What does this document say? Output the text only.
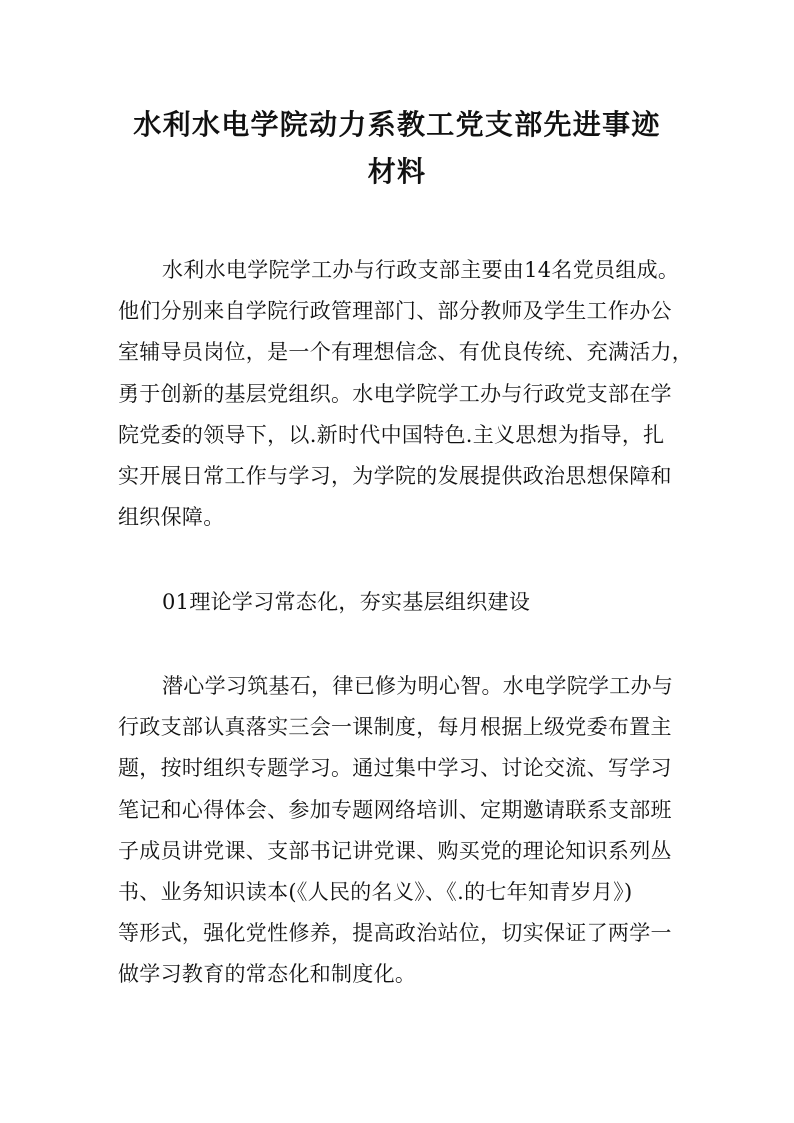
水利水电学院动力系教工党支部先进事迹
材料
水利水电学院学工办与行政支部主要由14名党员组成。
他们分别来自学院行政管理部门、部分教师及学生工作办公
室辅导员岗位，是一个有理想信念、有优良传统、充满活力，
勇于创新的基层党组织。水电学院学工办与行政党支部在学
院党委的领导下，以.新时代中国特色.主义思想为指导，扎
实开展日常工作与学习，为学院的发展提供政治思想保障和
组织保障。
01理论学习常态化，夯实基层组织建设
潜心学习筑基石，律已修为明心智。水电学院学工办与
行政支部认真落实三会一课制度，每月根据上级党委布置主
题，按时组织专题学习。通过集中学习、讨论交流、写学习
笔记和心得体会、参加专题网络培训、定期邀请联系支部班
子成员讲党课、支部书记讲党课、购买党的理论知识系列丛
书、业务知识读本(《人民的名义》、《.的七年知青岁月》)
等形式，强化党性修养，提高政治站位，切实保证了两学一
做学习教育的常态化和制度化。
